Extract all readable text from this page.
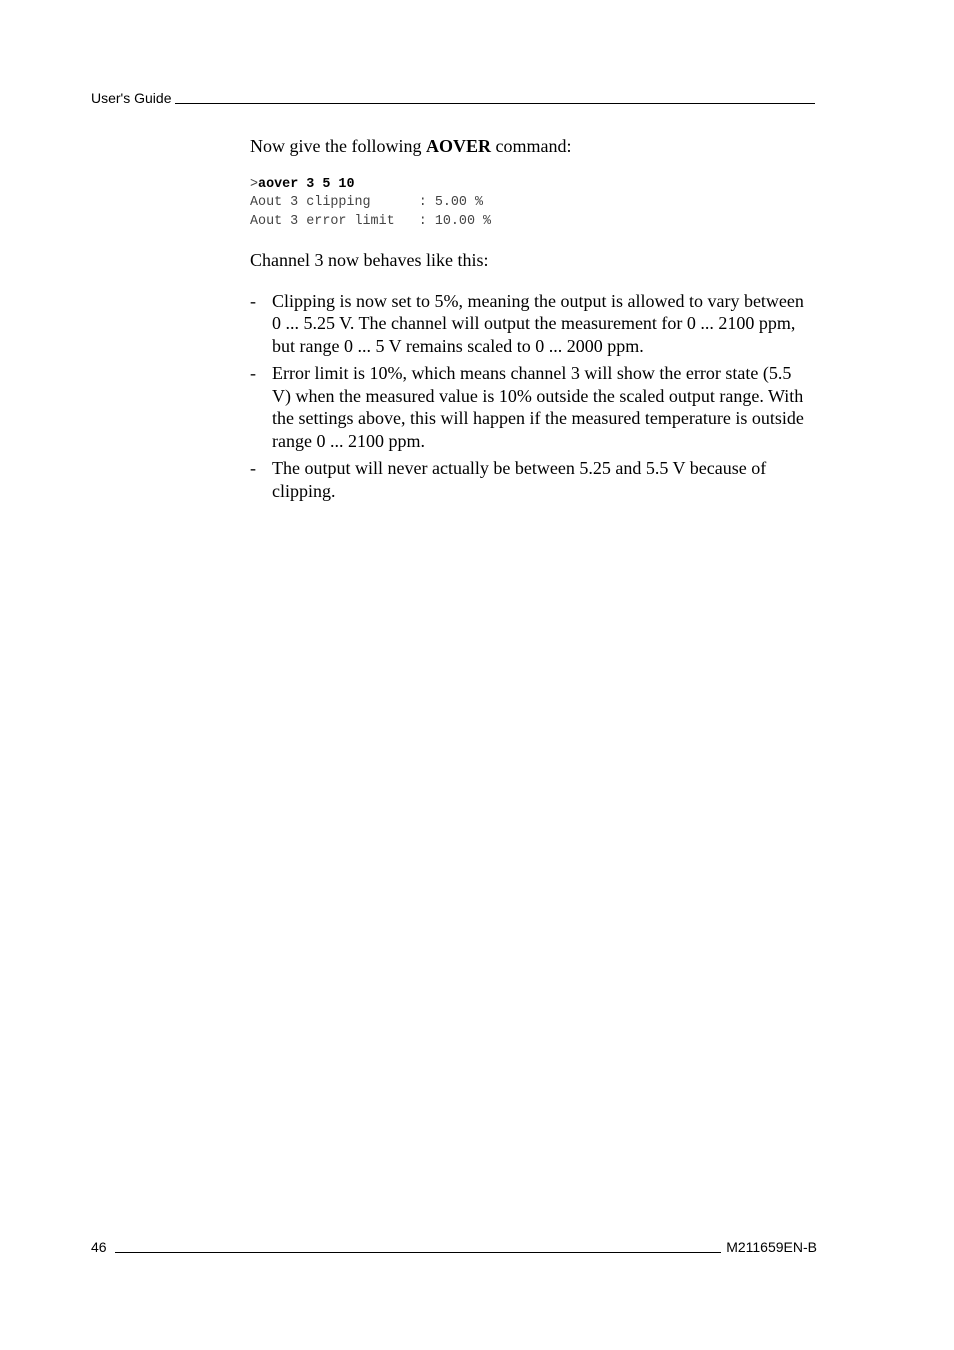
User's Guide

Now give the following AOVER command:

>aover 3 5 10
Aout 3 clipping      : 5.00 %
Aout 3 error limit   : 10.00 %

Channel 3 now behaves like this:

- Clipping is now set to 5%, meaning the output is allowed to vary between 0 ... 5.25 V. The channel will output the measurement for 0 ... 2100 ppm, but range 0 ... 5 V remains scaled to 0 ... 2000 ppm.
- Error limit is 10%, which means channel 3 will show the error state (5.5 V) when the measured value is 10% outside the scaled output range. With the settings above, this will happen if the measured temperature is outside range 0 ... 2100 ppm.
- The output will never actually be between 5.25 and 5.5 V because of clipping.
46	M211659EN-B
